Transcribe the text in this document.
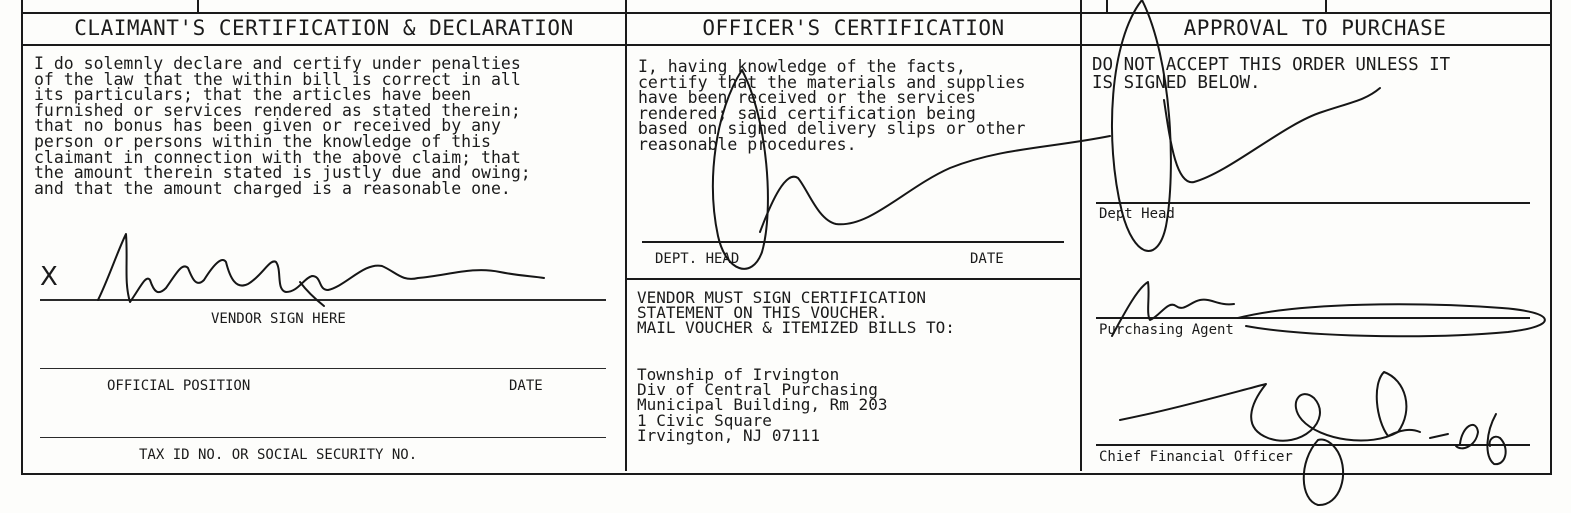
CLAIMANT'S CERTIFICATION & DECLARATION	OFFICER'S CERTIFICATION	APPROVAL TO PURCHASE
I do solemnly declare and certify under penalties
of the law that the within bill is correct in all
its particulars; that the articles have been
furnished or services rendered as stated therein;
that no bonus has been given or received by any
person or persons within the knowledge of this
claimant in connection with the above claim; that
the amount therein stated is justly due and owing;
and that the amount charged is a reasonable one.
X
VENDOR SIGN HERE
OFFICIAL POSITION	DATE
TAX ID NO. OR SOCIAL SECURITY NO.
I, having knowledge of the facts,
certify that the materials and supplies
have been received or the services
rendered; said certification being
based on signed delivery slips or other
reasonable procedures.
DEPT. HEAD	DATE
VENDOR MUST SIGN CERTIFICATION
STATEMENT ON THIS VOUCHER.
MAIL VOUCHER & ITEMIZED BILLS TO:
Township of Irvington
Div of Central Purchasing
Municipal Building, Rm 203
1 Civic Square
Irvington, NJ 07111
DO NOT ACCEPT THIS ORDER UNLESS IT
IS SIGNED BELOW.
Dept Head
Purchasing Agent
Chief Financial Officer
